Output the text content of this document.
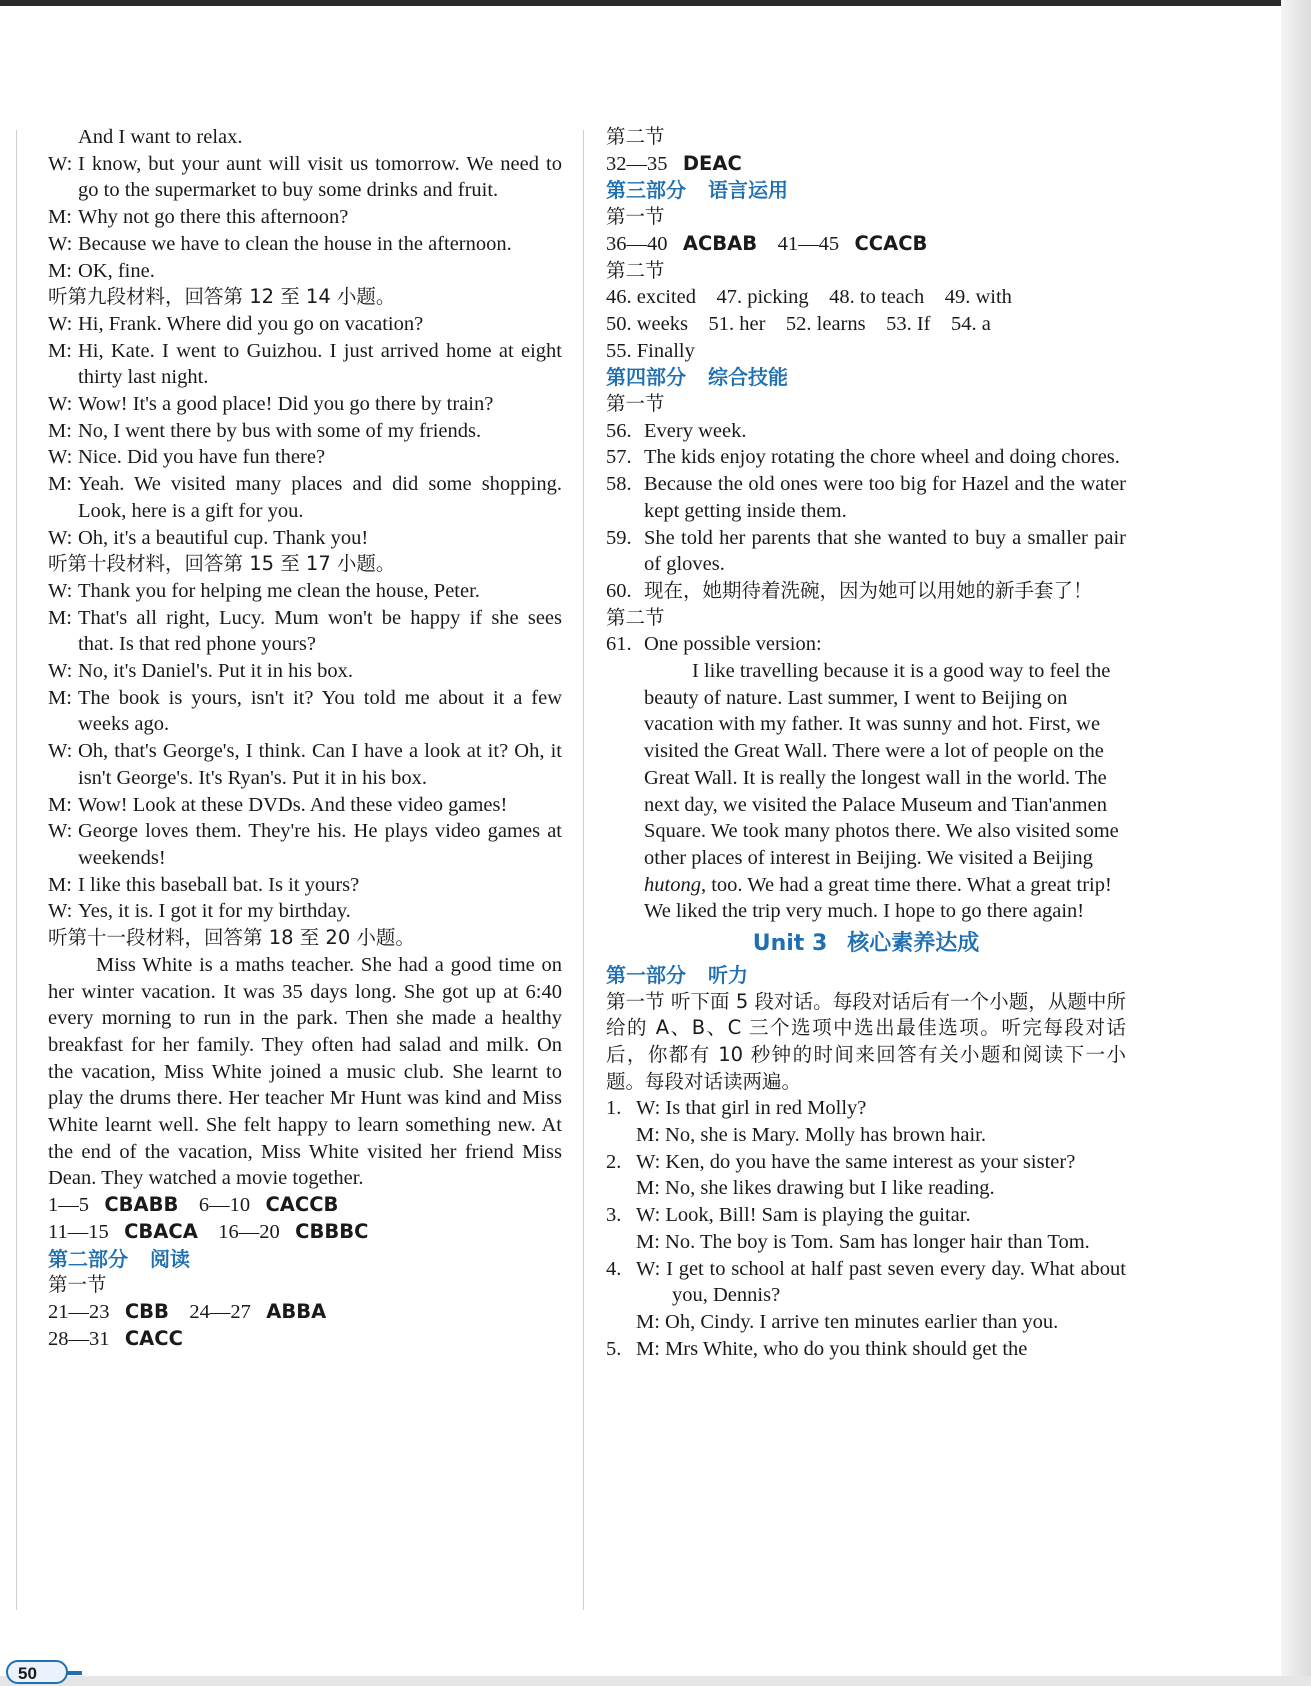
And I want to relax.
W: I know, but your aunt will visit us tomorrow. We need to go to the supermarket to buy some drinks and fruit.
M: Why not go there this afternoon?
W: Because we have to clean the house in the afternoon.
M: OK, fine.

听第九段材料，回答第 12 至 14 小题。

W: Hi, Frank. Where did you go on vacation?
M: Hi, Kate. I went to Guizhou. I just arrived home at eight thirty last night.
W: Wow! It's a good place! Did you go there by train?
M: No, I went there by bus with some of my friends.
W: Nice. Did you have fun there?
M: Yeah. We visited many places and did some shopping. Look, here is a gift for you.
W: Oh, it's a beautiful cup. Thank you!

听第十段材料，回答第 15 至 17 小题。

W: Thank you for helping me clean the house, Peter.
M: That's all right, Lucy. Mum won't be happy if she sees that. Is that red phone yours?
W: No, it's Daniel's. Put it in his box.
M: The book is yours, isn't it? You told me about it a few weeks ago.
W: Oh, that's George's, I think. Can I have a look at it? Oh, it isn't George's. It's Ryan's. Put it in his box.
M: Wow! Look at these DVDs. And these video games!
W: George loves them. They're his. He plays video games at weekends!
M: I like this baseball bat. Is it yours?
W: Yes, it is. I got it for my birthday.

听第十一段材料，回答第 18 至 20 小题。

Miss White is a maths teacher. She had a good time on her winter vacation. It was 35 days long. She got up at 6:40 every morning to run in the park. Then she made a healthy breakfast for her family. They often had salad and milk. On the vacation, Miss White joined a music club. She learnt to play the drums there. Her teacher Mr Hunt was kind and Miss White learnt well. She felt happy to learn something new. At the end of the vacation, Miss White visited her friend Miss Dean. They watched a movie together.

1—5 CBABB 6—10 CACCB

11—15 CBACA 16—20 CBBBC

第二部分 阅读

第一节

21—23 CBB 24—27 ABBA

28—31 CACC

第二节

32—35 DEAC

第三部分 语言运用

第一节

36—40 ACBAB 41—45 CCACB

第二节

46. excited    47. picking    48. to teach    49. with

50. weeks    51. her    52. learns    53. If    54. a

55. Finally

第四部分 综合技能

第一节

56. Every week.
57. The kids enjoy rotating the chore wheel and doing chores.
58. Because the old ones were too big for Hazel and the water kept getting inside them.
59. She told her parents that she wanted to buy a smaller pair of gloves.
60. 现在，她期待着洗碗，因为她可以用她的新手套了！

第二节

61. One possible version:

I like travelling because it is a good way to feel the beauty of nature. Last summer, I went to Beijing on vacation with my father. It was sunny and hot. First, we visited the Great Wall. There were a lot of people on the Great Wall. It is really the longest wall in the world. The next day, we visited the Palace Museum and Tian'anmen Square. We took many photos there. We also visited some other places of interest in Beijing. We visited a Beijing hutong, too. We had a great time there. What a great trip! We liked the trip very much. I hope to go there again!

Unit 3 核心素养达成

第一部分 听力

第一节 听下面 5 段对话。每段对话后有一个小题，从题中所给的 A、B、C 三个选项中选出最佳选项。听完每段对话后，你都有 10 秒钟的时间来回答有关小题和阅读下一小题。每段对话读两遍。

1. W: Is that girl in red Molly?
M: No, she is Mary. Molly has brown hair.
2. W: Ken, do you have the same interest as your sister?
M: No, she likes drawing but I like reading.
3. W: Look, Bill! Sam is playing the guitar.
M: No. The boy is Tom. Sam has longer hair than Tom.
4. W: I get to school at half past seven every day. What about you, Dennis?
M: Oh, Cindy. I arrive ten minutes earlier than you.
5. M: Mrs White, who do you think should get the
50
